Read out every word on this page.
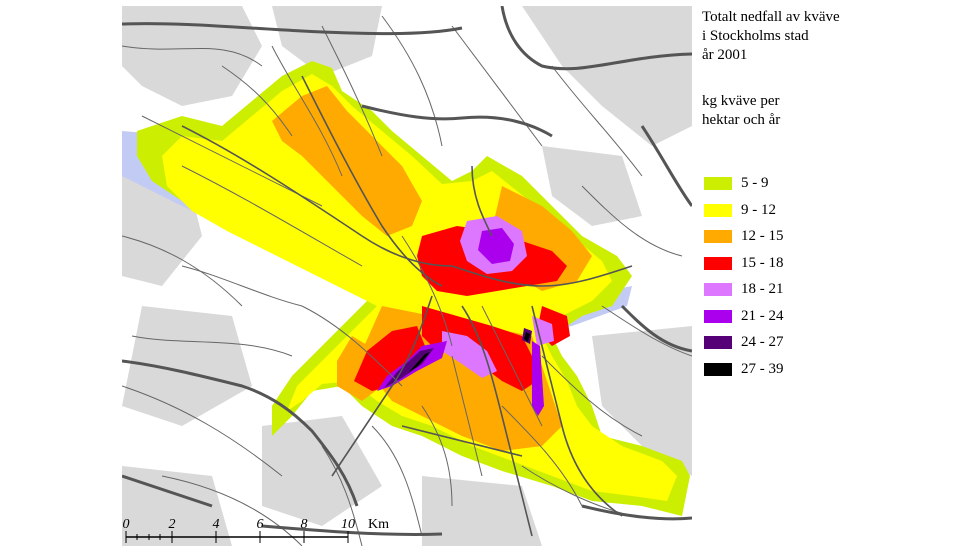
Totalt nedfall av kväve
i Stockholms stad
år 2001
kg kväve per
hektar och år
5 - 9
9 - 12
12 - 15
15 - 18
18 - 21
21 - 24
24 - 27
27 - 39
0	2	4	6	8 10 Km
